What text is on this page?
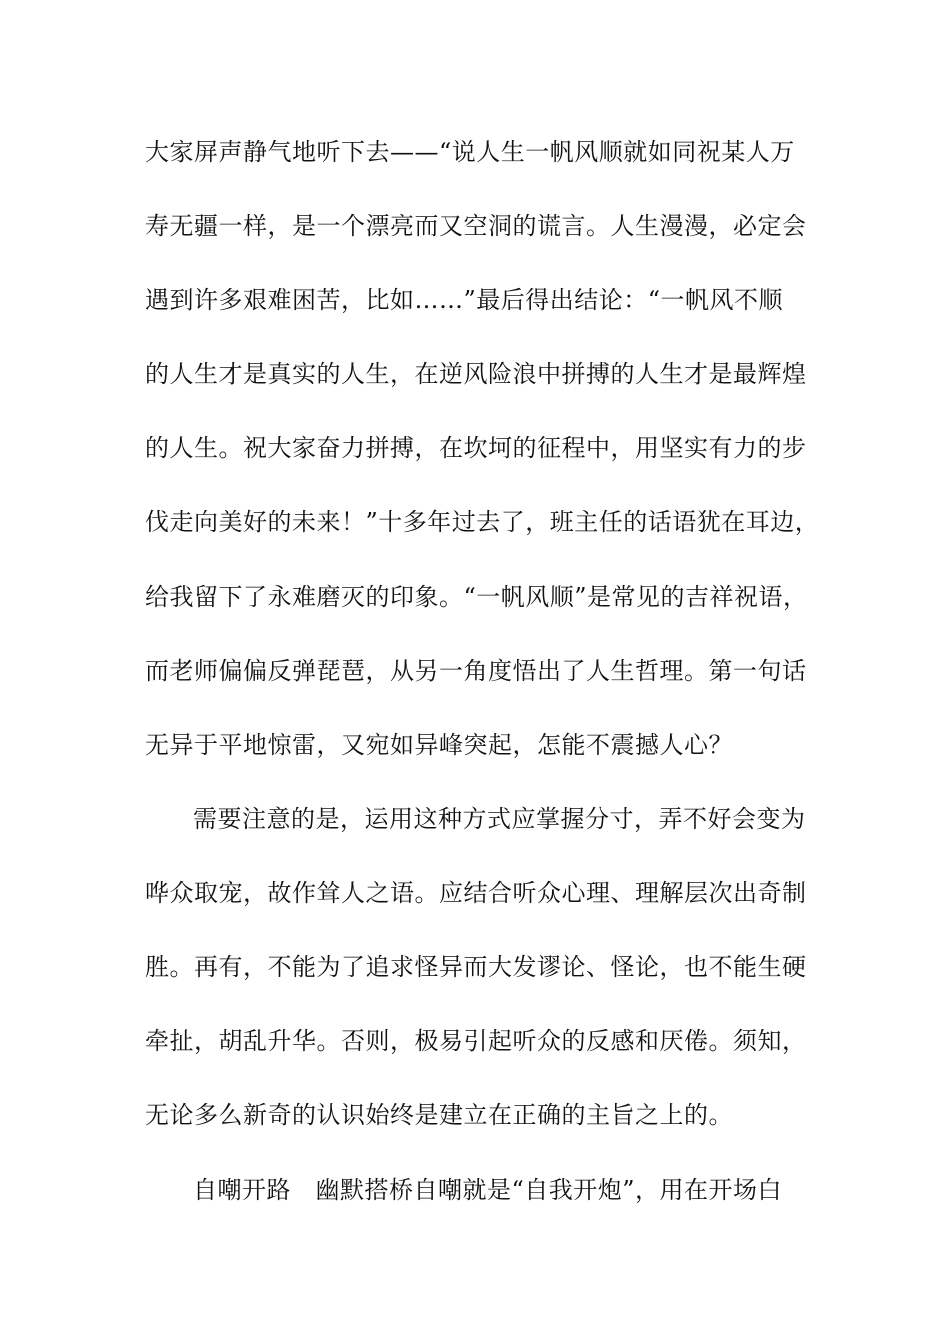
大家屏声静气地听下去——“说人生一帆风顺就如同祝某人万
寿无疆一样，是一个漂亮而又空洞的谎言。人生漫漫，必定会
遇到许多艰难困苦，比如……”最后得出结论：“一帆风不顺
的人生才是真实的人生，在逆风险浪中拼搏的人生才是最辉煌
的人生。祝大家奋力拼搏，在坎坷的征程中，用坚实有力的步
伐走向美好的未来！”十多年过去了，班主任的话语犹在耳边，
给我留下了永难磨灭的印象。“一帆风顺”是常见的吉祥祝语，
而老师偏偏反弹琵琶，从另一角度悟出了人生哲理。第一句话
无异于平地惊雷，又宛如异峰突起，怎能不震撼人心？
需要注意的是，运用这种方式应掌握分寸，弄不好会变为
哗众取宠，故作耸人之语。应结合听众心理、理解层次出奇制
胜。再有，不能为了追求怪异而大发谬论、怪论，也不能生硬
牵扯，胡乱升华。否则，极易引起听众的反感和厌倦。须知，
无论多么新奇的认识始终是建立在正确的主旨之上的。
自嘲开路　幽默搭桥自嘲就是“自我开炮”，用在开场白
